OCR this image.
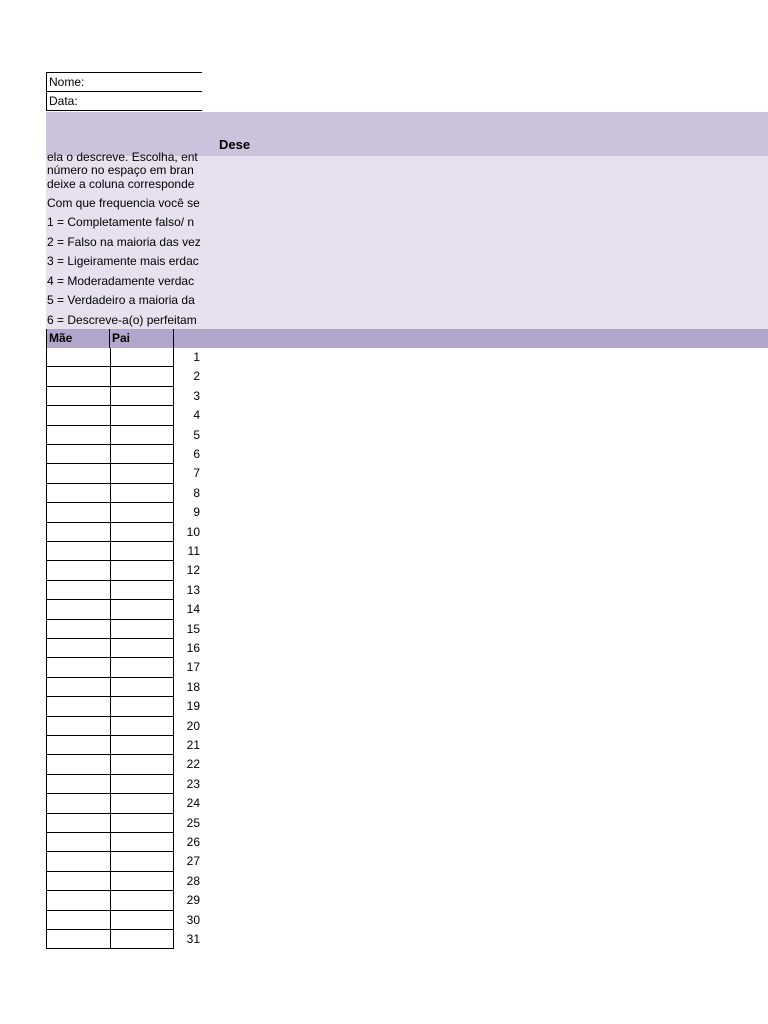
Nome:
Data:
Dese
ela o descreve. Escolha, ent
número no espaço em bran
deixe a coluna corresponde
Com que frequencia você se
1 = Completamente falso/ n
2 = Falso na maioria das vez
3 = Ligeiramente mais erdac
4 = Moderadamente verdac
5 = Verdadeiro a maioria da
6 = Descreve-a(o) perfeitam
Mãe	Pai
1
2
3
4
5
6
7
8
9
10
11
12
13
14
15
16
17
18
19
20
21
22
23
24
25
26
27
28
29
30
31
